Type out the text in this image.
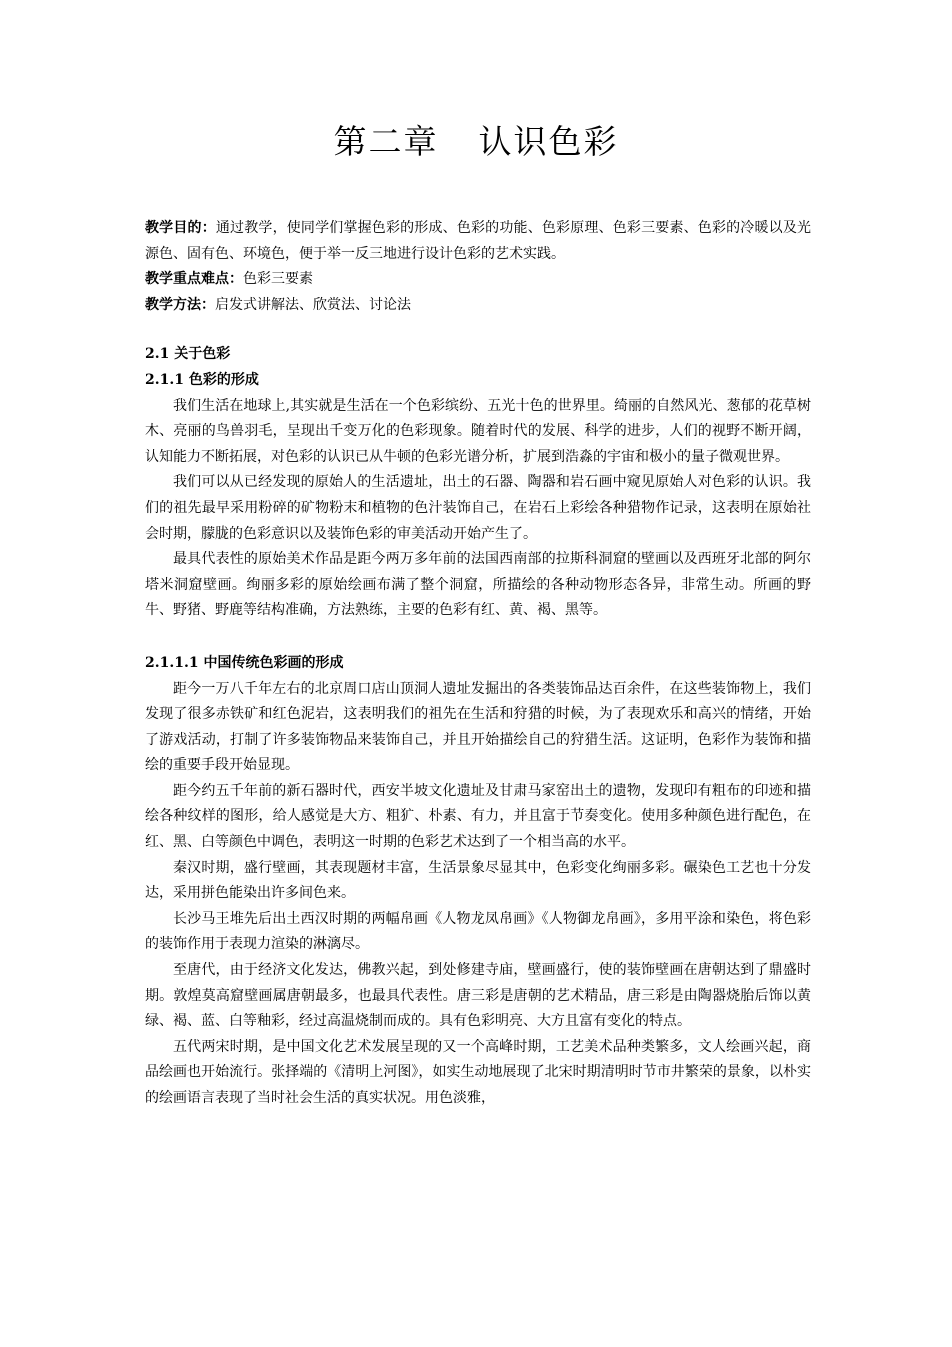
第二章 认识色彩

教学目的：通过教学，使同学们掌握色彩的形成、色彩的功能、色彩原理、色彩三要素、色彩的冷暖以及光源色、固有色、环境色，便于举一反三地进行设计色彩的艺术实践。

教学重点难点：色彩三要素

教学方法：启发式讲解法、欣赏法、讨论法

2.1 关于色彩

2.1.1 色彩的形成

我们生活在地球上,其实就是生活在一个色彩缤纷、五光十色的世界里。绮丽的自然风光、葱郁的花草树木、亮丽的鸟兽羽毛，呈现出千变万化的色彩现象。随着时代的发展、科学的进步，人们的视野不断开阔，认知能力不断拓展，对色彩的认识已从牛顿的色彩光谱分析，扩展到浩淼的宇宙和极小的量子微观世界。

我们可以从已经发现的原始人的生活遗址，出土的石器、陶器和岩石画中窥见原始人对色彩的认识。我们的祖先最早采用粉碎的矿物粉末和植物的色汁装饰自己，在岩石上彩绘各种猎物作记录，这表明在原始社会时期，朦胧的色彩意识以及装饰色彩的审美活动开始产生了。

最具代表性的原始美术作品是距今两万多年前的法国西南部的拉斯科洞窟的壁画以及西班牙北部的阿尔塔米洞窟壁画。绚丽多彩的原始绘画布满了整个洞窟，所描绘的各种动物形态各异，非常生动。所画的野牛、野猪、野鹿等结构准确，方法熟练，主要的色彩有红、黄、褐、黑等。

2.1.1.1 中国传统色彩画的形成

距今一万八千年左右的北京周口店山顶洞人遗址发掘出的各类装饰品达百余件，在这些装饰物上，我们发现了很多赤铁矿和红色泥岩，这表明我们的祖先在生活和狩猎的时候，为了表现欢乐和高兴的情绪，开始了游戏活动，打制了许多装饰物品来装饰自己，并且开始描绘自己的狩猎生活。这证明，色彩作为装饰和描绘的重要手段开始显现。

距今约五千年前的新石器时代，西安半坡文化遗址及甘肃马家窑出土的遗物，发现印有粗布的印迹和描绘各种纹样的图形，给人感觉是大方、粗犷、朴素、有力，并且富于节奏变化。使用多种颜色进行配色，在红、黑、白等颜色中调色，表明这一时期的色彩艺术达到了一个相当高的水平。

秦汉时期，盛行壁画，其表现题材丰富，生活景象尽显其中，色彩变化绚丽多彩。碾染色工艺也十分发达，采用拼色能染出许多间色来。

长沙马王堆先后出土西汉时期的两幅帛画《人物龙凤帛画》《人物御龙帛画》，多用平涂和染色，将色彩的装饰作用于表现力渲染的淋漓尽。

至唐代，由于经济文化发达，佛教兴起，到处修建寺庙，壁画盛行，使的装饰壁画在唐朝达到了鼎盛时期。敦煌莫高窟壁画属唐朝最多，也最具代表性。唐三彩是唐朝的艺术精品，唐三彩是由陶器烧胎后饰以黄绿、褐、蓝、白等釉彩，经过高温烧制而成的。具有色彩明亮、大方且富有变化的特点。

五代两宋时期，是中国文化艺术发展呈现的又一个高峰时期，工艺美术品种类繁多，文人绘画兴起，商品绘画也开始流行。张择端的《清明上河图》，如实生动地展现了北宋时期清明时节市井繁荣的景象，以朴实的绘画语言表现了当时社会生活的真实状况。用色淡雅，
